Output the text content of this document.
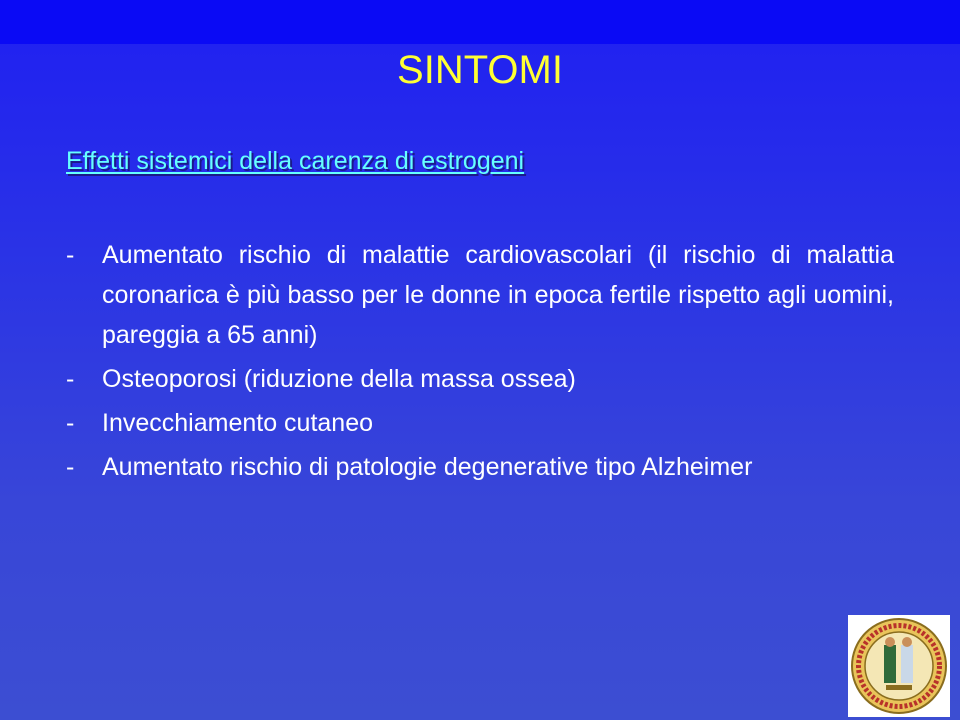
SINTOMI
Effetti sistemici della carenza di estrogeni
- Aumentato rischio di malattie cardiovascolari (il rischio di malattia coronarica è più basso per le donne in epoca fertile rispetto agli uomini, pareggia a 65 anni)
- Osteoporosi (riduzione della massa ossea)
- Invecchiamento cutaneo
- Aumentato rischio di patologie degenerative tipo Alzheimer
